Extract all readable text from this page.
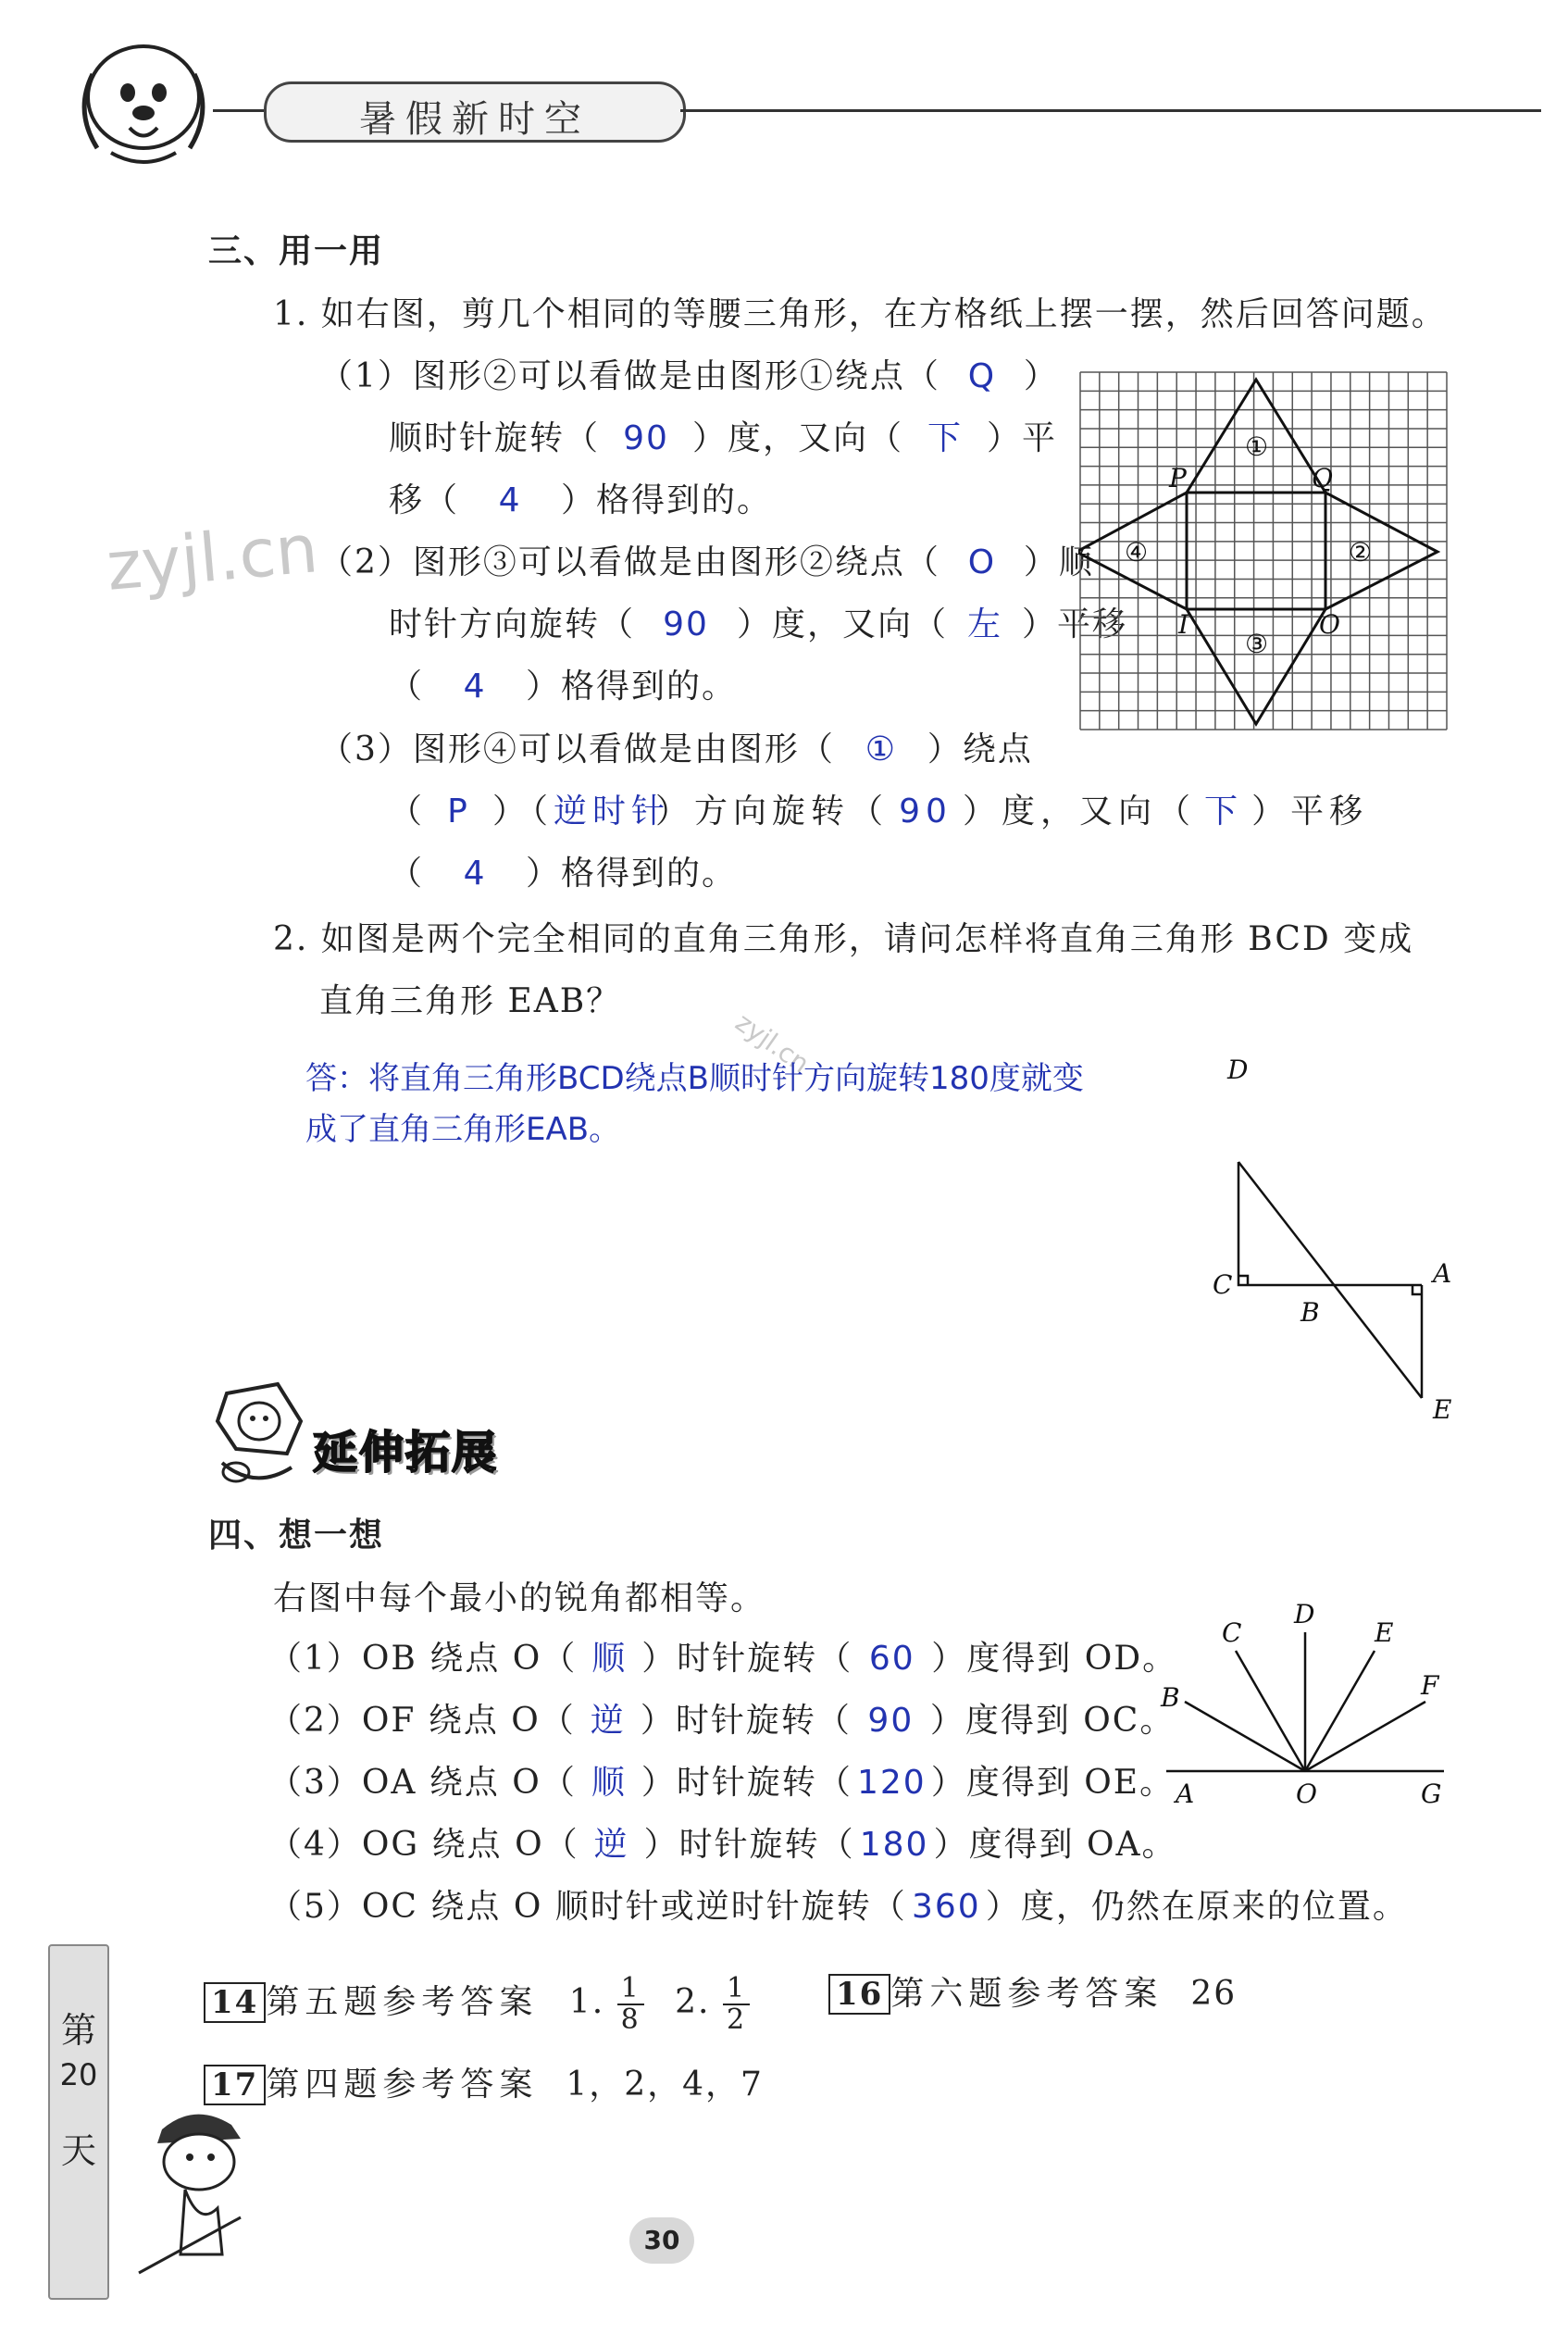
暑假新时空
zyjl.cn
zyjl.cn
三、用一用
1. 如右图，剪几个相同的等腰三角形，在方格纸上摆一摆，然后回答问题。
（1）图形②可以看做是由图形①绕点（ Q ）
顺时针旋转（ 90 ）度，又向（ 下 ）平
移（ 4 ）格得到的。
（2）图形③可以看做是由图形②绕点（ O ）顺
时针方向旋转（ 90 ）度，又向（ 左 ）平移
（ 4 ）格得到的。
（3）图形④可以看做是由图形（ ① ）绕点
（ P ）（逆时针）方向旋转（ 90 ）度，又向（ 下 ）平移
（ 4 ）格得到的。
①
②
③
④
P	Q
I	O
2. 如图是两个完全相同的直角三角形，请问怎样将直角三角形 BCD 变成
直角三角形 EAB？
答：将直角三角形BCD绕点B顺时针方向旋转180度就变
成了直角三角形EAB。
D
C
B
A
E
延伸拓展
四、想一想
右图中每个最小的锐角都相等。
（1）OB 绕点 O（ 顺 ）时针旋转（ 60 ）度得到 OD。
（2）OF 绕点 O（ 逆 ）时针旋转（ 90 ）度得到 OC。
（3）OA 绕点 O（ 顺 ）时针旋转（ 120 ）度得到 OE。
（4）OG 绕点 O（ 逆 ）时针旋转（ 180 ）度得到 OA。
（5）OC 绕点 O 顺时针或逆时针旋转（ 360 ）度，仍然在原来的位置。
A
B
C
D
E
F
G
O
14 第五题参考答案 1. $\frac{1}{8} 2$. $\frac{1}{2}$	16 第六题参考答案 26
17 第四题参考答案 1，2，4，7
第
20
天
30
